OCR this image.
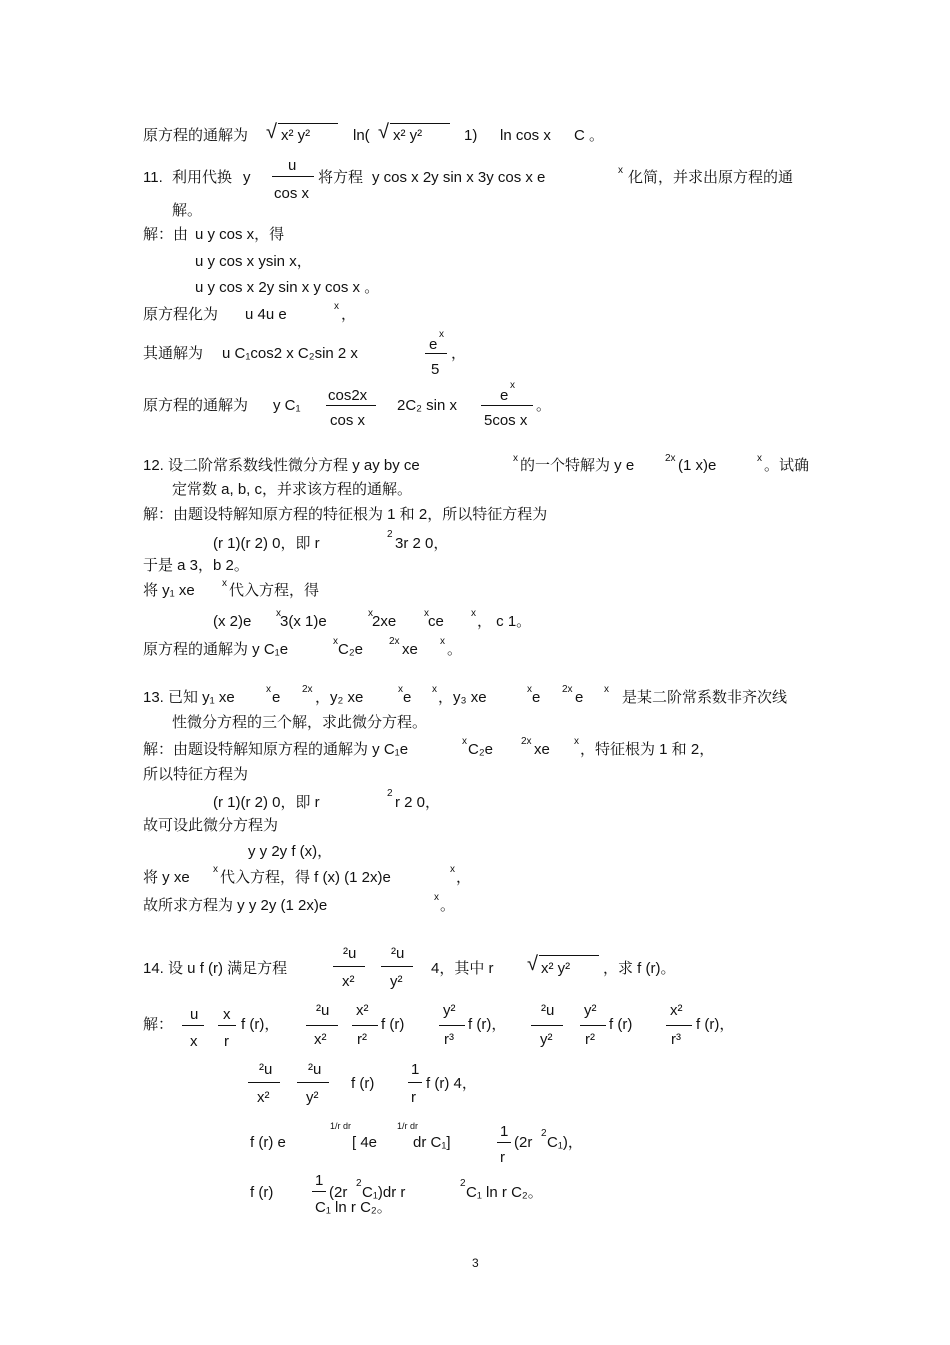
原方程的通解为 √ x² y²	ln( √ x² y²	1) ln cos x C 。
11. 利用代换 y
u
cos x
将方程 y cos x 2y sin x 3y cos x e	x 化简，并求出原方程的通
解。
解：由 u y cos x，得
u y cos x ysin x，
u y cos x 2y sin x y cos x 。
原方程化为 u 4u e	x ，
其通解为 u C₁cos2 x C₂sin 2 x
e
x
5
，
原方程的通解为 y C₁
cos2x
cos x
2C₂ sin x
e
x
5cos x
。
12. 设二阶常系数线性微分方程 y ay by ce	x 的一个特解为 y e	2x (1 x)e	x 。试确
定常数 a, b, c，并求该方程的通解。
解：由题设特解知原方程的特征根为 1 和 2，所以特征方程为
(r 1)(r 2) 0，即 r
2
3r 2 0，
于是 a 3，b 2。
将 y₁ xe	x 代入方程，得
(x 2)e x 3(x 1)e	x 2xe	x ce	x ， c 1。
原方程的通解为 y C₁e	x C₂e	2x xe x 。
13. 已知 y₁ xe	x e 2x ，y₂ xe	x e x ，y₃ xe	x e 2x e x 是某二阶常系数非齐次线
性微分方程的三个解，求此微分方程。
解：由题设特解知原方程的通解为 y C₁e	x C₂e	2x xe x ，特征根为 1 和 2，
所以特征方程为
(r 1)(r 2) 0，即 r
2
r 2 0，
故可设此微分方程为
y y 2y f (x)，
将 y xe x 代入方程，得 f (x) (1 2x)e	x ，
故所求方程为 y y 2y (1 2x)e	x 。
14. 设 u f (r) 满足方程
²u
x²
²u
y²
4，其中 r √ x² y² ，求 f (r)。
解：
u
x
x
r
f (r)，
²u
x²
x²
r²
f (r)
y²
r³
f (r)，
²u
y²
y²
r²
f (r)
x²
r³
f (r)，
²u
x²
²u
y²
f (r)
1
r
f (r) 4，
f (r) e
1/r dr
[ 4e
1/r dr
dr C₁]
1
r
(2r
2
C₁)，
f (r)
1
C₁ ln r C₂。
(2r
2
C₁)dr r
2
C₁ ln r C₂。
3
